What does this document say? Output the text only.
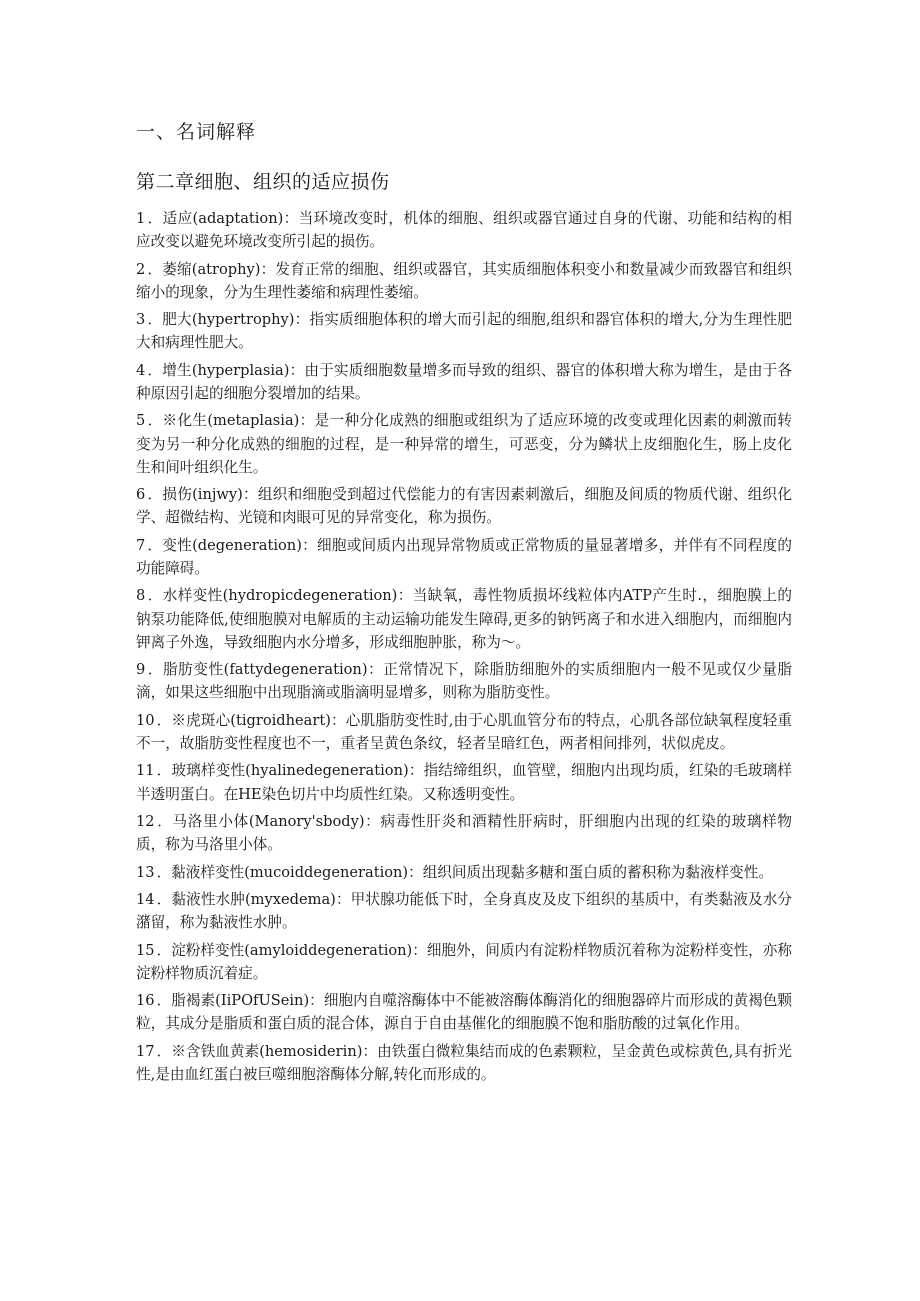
一、名词解释
第二章细胞、组织的适应损伤

1 ．适应(adaptation)：当环境改变时，机体的细胞、组织或器官通过自身的代谢、功能和结构的相应改变以避免环境改变所引起的损伤。

2 ．萎缩(atrophy)：发育正常的细胞、组织或器官，其实质细胞体积变小和数量减少而致器官和组织缩小的现象，分为生理性萎缩和病理性萎缩。

3 ．肥大(hypertrophy)：指实质细胞体积的增大而引起的细胞,组织和器官体积的增大,分为生理性肥大和病理性肥大。

4 ．增生(hyperplasia)：由于实质细胞数量增多而导致的组织、器官的体积增大称为增生，是由于各种原因引起的细胞分裂增加的结果。

5 ．※化生(metaplasia)：是一种分化成熟的细胞或组织为了适应环境的改变或理化因素的刺激而转变为另一种分化成熟的细胞的过程，是一种异常的增生，可恶变，分为鳞状上皮细胞化生，肠上皮化生和间叶组织化生。

6 ．损伤(injwy)：组织和细胞受到超过代偿能力的有害因素刺激后，细胞及间质的物质代谢、组织化学、超微结构、光镜和肉眼可见的异常变化，称为损伤。

7 ．变性(degeneration)：细胞或间质内出现异常物质或正常物质的量显著增多，并伴有不同程度的功能障碍。

8 ．水样变性(hydropicdegeneration)：当缺氧，毒性物质损坏线粒体内ATP产生时.，细胞膜上的钠泵功能降低,使细胞膜对电解质的主动运输功能发生障碍,更多的钠钙离子和水进入细胞内，而细胞内钾离子外逸，导致细胞内水分增多，形成细胞肿胀，称为～。

9 ．脂肪变性(fattydegeneration)：正常情况下，除脂肪细胞外的实质细胞内一般不见或仅少量脂滴，如果这些细胞中出现脂滴或脂滴明显增多，则称为脂肪变性。

10 ．※虎斑心(tigroidheart)：心肌脂肪变性时,由于心肌血管分布的特点，心肌各部位缺氧程度轻重不一，故脂肪变性程度也不一，重者呈黄色条纹，轻者呈暗红色，两者相间排列，状似虎皮。

11 ．玻璃样变性(hyalinedegeneration)：指结缔组织，血管壁，细胞内出现均质，红染的毛玻璃样半透明蛋白。在HE染色切片中均质性红染。又称透明变性。

12 ．马洛里小体(Manory'sbody)：病毒性肝炎和酒精性肝病时，肝细胞内出现的红染的玻璃样物质，称为马洛里小体。

13 ．黏液样变性(mucoiddegeneration)：组织间质出现黏多糖和蛋白质的蓄积称为黏液样变性。

14 ．黏液性水肿(myxedema)：甲状腺功能低下时，全身真皮及皮下组织的基质中，有类黏液及水分潴留，称为黏液性水肿。

15 ．淀粉样变性(amyloiddegeneration)：细胞外，间质内有淀粉样物质沉着称为淀粉样变性，亦称淀粉样物质沉着症。

16 ．脂褐素(IiPOfUSein)：细胞内自噬溶酶体中不能被溶酶体酶消化的细胞器碎片而形成的黄褐色颗粒，其成分是脂质和蛋白质的混合体，源自于自由基催化的细胞膜不饱和脂肪酸的过氧化作用。

17 ．※含铁血黄素(hemosiderin)：由铁蛋白微粒集结而成的色素颗粒，呈金黄色或棕黄色,具有折光性,是由血红蛋白被巨噬细胞溶酶体分解,转化而形成的。
